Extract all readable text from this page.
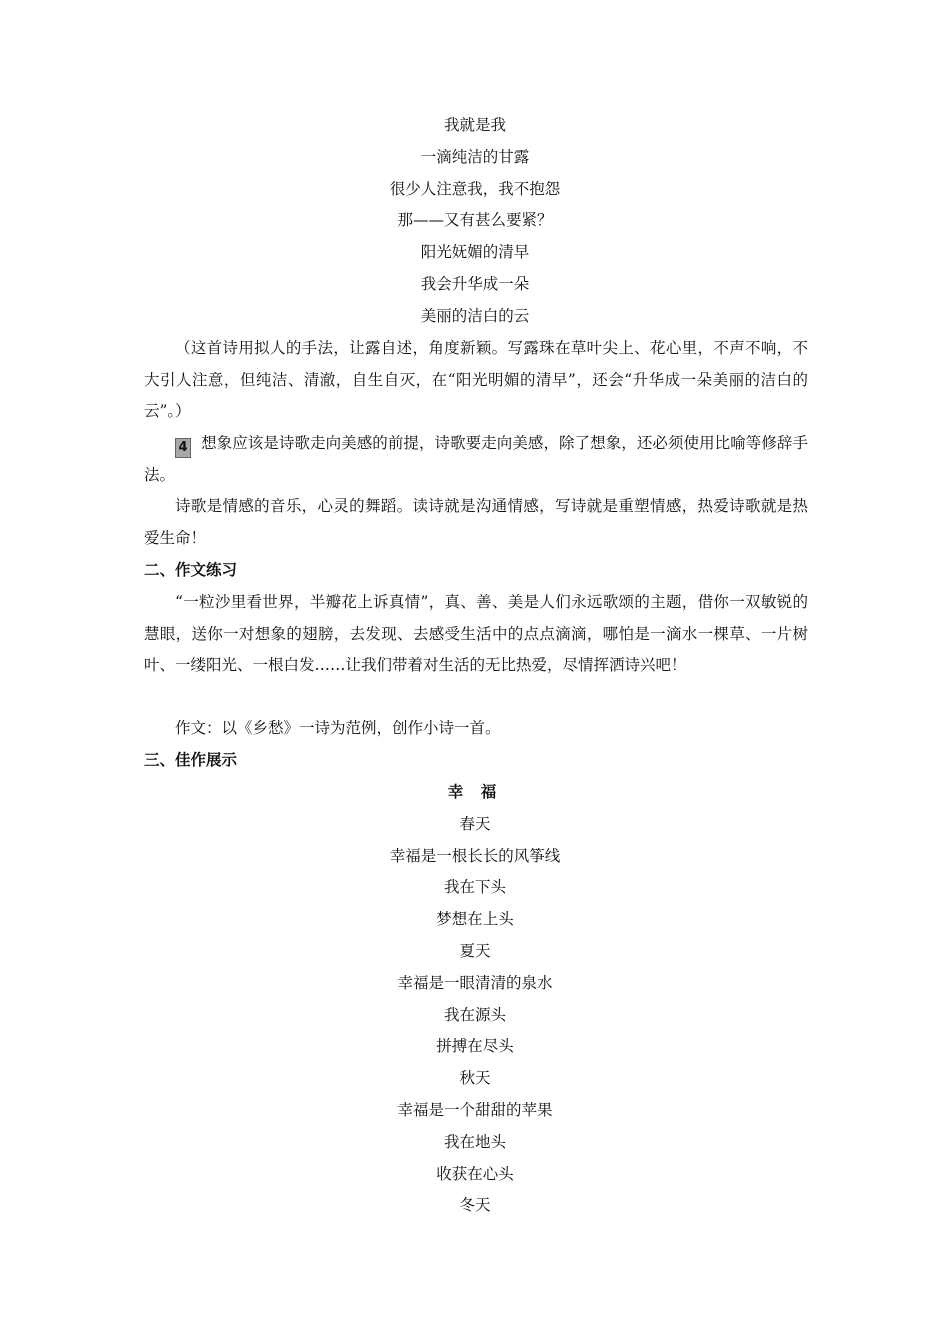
我就是我
一滴纯洁的甘露
很少人注意我，我不抱怨
那——又有甚么要紧？
阳光妩媚的清早
我会升华成一朵
美丽的洁白的云

（这首诗用拟人的手法，让露自述，角度新颖。写露珠在草叶尖上、花心里，不声不响，不大引人注意，但纯洁、清澈，自生自灭，在“阳光明媚的清早”，还会“升华成一朵美丽的洁白的云”。）

4 想象应该是诗歌走向美感的前提，诗歌要走向美感，除了想象，还必须使用比喻等修辞手法。

诗歌是情感的音乐，心灵的舞蹈。读诗就是沟通情感，写诗就是重塑情感，热爱诗歌就是热爱生命！

二、作文练习

“一粒沙里看世界，半瓣花上诉真情”，真、善、美是人们永远歌颂的主题，借你一双敏锐的慧眼，送你一对想象的翅膀，去发现、去感受生活中的点点滴滴，哪怕是一滴水一棵草、一片树叶、一缕阳光、一根白发……让我们带着对生活的无比热爱，尽情挥洒诗兴吧！

作文：以《乡愁》一诗为范例，创作小诗一首。

三、佳作展示
幸 福
春天
幸福是一根长长的风筝线
我在下头
梦想在上头
夏天
幸福是一眼清清的泉水
我在源头
拼搏在尽头
秋天
幸福是一个甜甜的苹果
我在地头
收获在心头
冬天
